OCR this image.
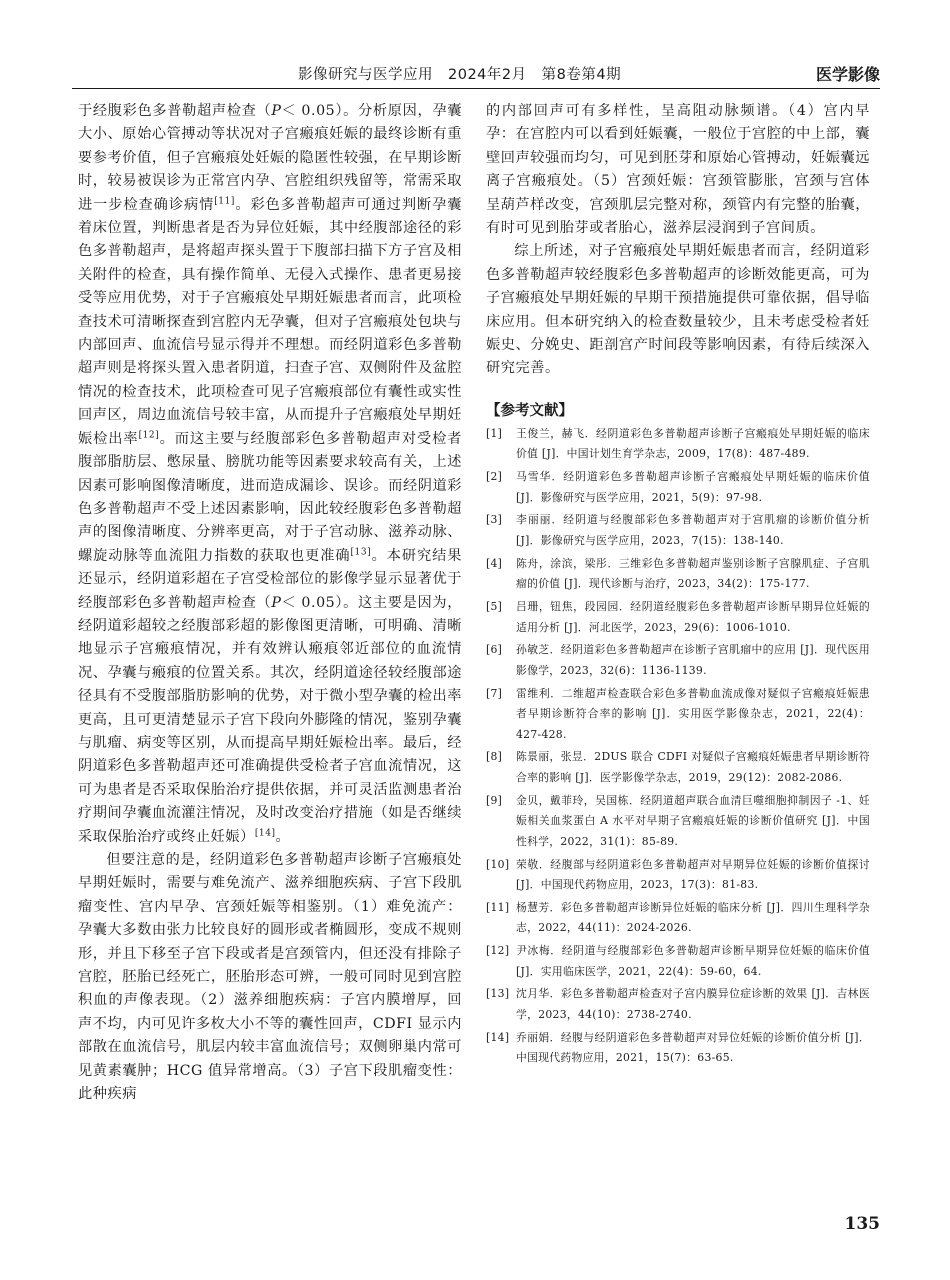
影像研究与医学应用　2024年2月　第8卷第4期	医学影像

于经腹彩色多普勒超声检查（P＜ 0.05）。分析原因，孕囊大小、原始心管搏动等状况对子宫瘢痕妊娠的最终诊断有重要参考价值，但子宫瘢痕处妊娠的隐匿性较强，在早期诊断时，较易被误诊为正常宫内孕、宫腔组织残留等，常需采取进一步检查确诊病情[11]。彩色多普勒超声可通过判断孕囊着床位置，判断患者是否为异位妊娠，其中经腹部途径的彩色多普勒超声，是将超声探头置于下腹部扫描下方子宫及相关附件的检查，具有操作简单、无侵入式操作、患者更易接受等应用优势，对于子宫瘢痕处早期妊娠患者而言，此项检查技术可清晰探查到宫腔内无孕囊，但对子宫瘢痕处包块与内部回声、血流信号显示得并不理想。而经阴道彩色多普勒超声则是将探头置入患者阴道，扫查子宫、双侧附件及盆腔情况的检查技术，此项检查可见子宫瘢痕部位有囊性或实性回声区，周边血流信号较丰富，从而提升子宫瘢痕处早期妊娠检出率[12]。而这主要与经腹部彩色多普勒超声对受检者腹部脂肪层、憋尿量、膀胱功能等因素要求较高有关，上述因素可影响图像清晰度，进而造成漏诊、误诊。而经阴道彩色多普勒超声不受上述因素影响，因此较经腹彩色多普勒超声的图像清晰度、分辨率更高，对于子宫动脉、滋养动脉、螺旋动脉等血流阻力指数的获取也更准确[13]。本研究结果还显示，经阴道彩超在子宫受检部位的影像学显示显著优于经腹部彩色多普勒超声检查（P＜ 0.05）。这主要是因为，经阴道彩超较之经腹部彩超的影像图更清晰，可明确、清晰地显示子宫瘢痕情况，并有效辨认瘢痕邻近部位的血流情况、孕囊与瘢痕的位置关系。其次，经阴道途径较经腹部途径具有不受腹部脂肪影响的优势，对于微小型孕囊的检出率更高，且可更清楚显示子宫下段向外膨隆的情况，鉴别孕囊与肌瘤、病变等区别，从而提高早期妊娠检出率。最后，经阴道彩色多普勒超声还可准确提供受检者子宫血流情况，这可为患者是否采取保胎治疗提供依据，并可灵活监测患者治疗期间孕囊血流灌注情况，及时改变治疗措施（如是否继续采取保胎治疗或终止妊娠）[14]。

但要注意的是，经阴道彩色多普勒超声诊断子宫瘢痕处早期妊娠时，需要与难免流产、滋养细胞疾病、子宫下段肌瘤变性、宫内早孕、宫颈妊娠等相鉴别。（1）难免流产：孕囊大多数由张力比较良好的圆形或者椭圆形，变成不规则形，并且下移至子宫下段或者是宫颈管内，但还没有排除子宫腔，胚胎已经死亡，胚胎形态可辨，一般可同时见到宫腔积血的声像表现。（2）滋养细胞疾病：子宫内膜增厚，回声不均，内可见许多枚大小不等的囊性回声，CDFI 显示内部散在血流信号，肌层内较丰富血流信号；双侧卵巢内常可见黄素囊肿；HCG 值异常增高。（3）子宫下段肌瘤变性：此种疾病

的内部回声可有多样性，呈高阻动脉频谱。（4）宫内早孕：在宫腔内可以看到妊娠囊，一般位于宫腔的中上部，囊壁回声较强而均匀，可见到胚芽和原始心管搏动，妊娠囊远离子宫瘢痕处。（5）宫颈妊娠：宫颈管膨胀，宫颈与宫体呈葫芦样改变，宫颈肌层完整对称，颈管内有完整的胎囊，有时可见到胎芽或者胎心，滋养层浸润到子宫间质。

综上所述，对子宫瘢痕处早期妊娠患者而言，经阴道彩色多普勒超声较经腹彩色多普勒超声的诊断效能更高，可为子宫瘢痕处早期妊娠的早期干预措施提供可靠依据，倡导临床应用。但本研究纳入的检查数量较少，且未考虑受检者妊娠史、分娩史、距剖宫产时间段等影响因素，有待后续深入研究完善。

【参考文献】
[1]	王俊兰，赫飞．经阴道彩色多普勒超声诊断子宫瘢痕处早期妊娠的临床价值 [J]．中国计划生育学杂志，2009，17(8)：487-489.
[2]	马雪华．经阴道彩色多普勒超声诊断子宫瘢痕处早期妊娠的临床价值 [J]．影像研究与医学应用，2021，5(9)：97-98.
[3]	李丽丽．经阴道与经腹部彩色多普勒超声对于宫肌瘤的诊断价值分析 [J]．影像研究与医学应用，2023，7(15)：138-140.
[4]	陈舟，涂滨，梁彤．三维彩色多普勒超声鉴别诊断子宫腺肌症、子宫肌瘤的价值 [J]．现代诊断与治疗，2023，34(2)：175-177.
[5]	吕珊，钮焦，段园园．经阴道经腹彩色多普勒超声诊断早期异位妊娠的适用分析 [J]．河北医学，2023，29(6)：1006-1010.
[6]	孙敏芝．经阴道彩色多普勒超声在诊断子宫肌瘤中的应用 [J]．现代医用影像学，2023，32(6)：1136-1139.
[7]	雷维利．二维超声检查联合彩色多普勒血流成像对疑似子宫瘢痕妊娠患者早期诊断符合率的影响 [J]．实用医学影像杂志，2021，22(4)：427-428.
[8]	陈景丽，张昱．2DUS 联合 CDFI 对疑似子宫瘢痕妊娠患者早期诊断符合率的影响 [J]．医学影像学杂志，2019，29(12)：2082-2086.
[9]	金贝，戴菲玲，吴国栋．经阴道超声联合血清巨噬细胞抑制因子 -1、妊娠相关血浆蛋白 A 水平对早期子宫瘢痕妊娠的诊断价值研究 [J]．中国性科学，2022，31(1)：85-89.
[10] 荣敬．经腹部与经阴道彩色多普勒超声对早期异位妊娠的诊断价值探讨 [J]．中国现代药物应用，2023，17(3)：81-83.
[11] 杨慧芳．彩色多普勒超声诊断异位妊娠的临床分析 [J]．四川生理科学杂志，2022，44(11)：2024-2026.
[12] 尹冰梅．经阴道与经腹部彩色多普勒超声诊断早期异位妊娠的临床价值 [J]．实用临床医学，2021，22(4)：59-60，64.
[13] 沈月华．彩色多普勒超声检查对子宫内膜异位症诊断的效果 [J]．吉林医学，2023，44(10)：2738-2740.
[14] 乔丽娟．经腹与经阴道彩色多普勒超声对异位妊娠的诊断价值分析 [J]．中国现代药物应用，2021，15(7)：63-65.
135
